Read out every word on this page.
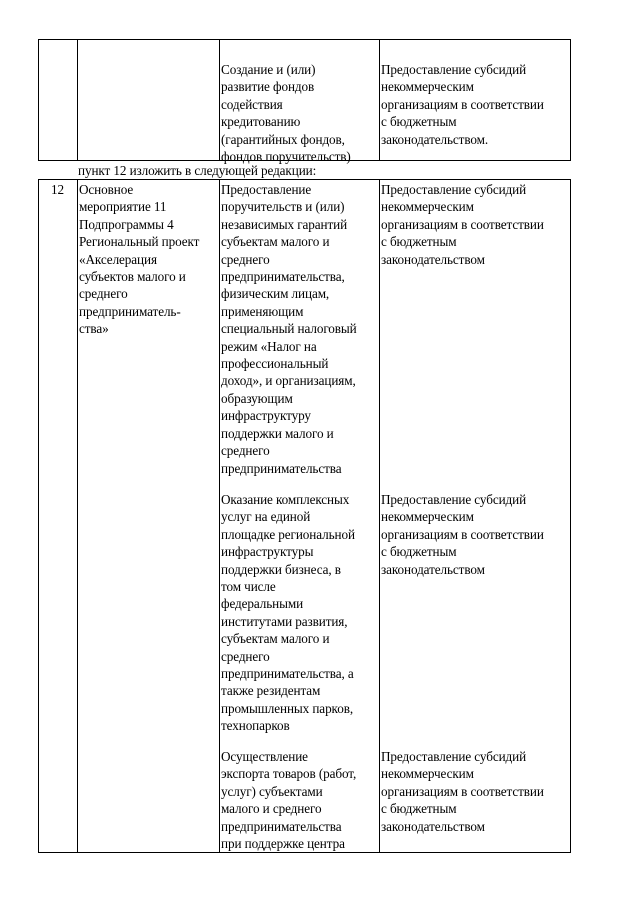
Создание и (или)
развитие фондов
содействия
кредитованию
(гарантийных фондов,
фондов поручительств)
Предоставление субсидий
некоммерческим
организациям в соответствии
с бюджетным
законодательством.
пункт 12 изложить в следующей редакции:
12 Основное
мероприятие 11
Подпрограммы 4
Региональный проект
«Акселерация
субъектов малого и
среднего
предприниматель-
ства»
Предоставление
поручительств и (или)
независимых гарантий
субъектам малого и
среднего
предпринимательства,
физическим лицам,
применяющим
специальный налоговый
режим «Налог на
профессиональный
доход», и организациям,
образующим
инфраструктуру
поддержки малого и
среднего
предпринимательства
Предоставление субсидий
некоммерческим
организациям в соответствии
с бюджетным
законодательством
Оказание комплексных
услуг на единой
площадке региональной
инфраструктуры
поддержки бизнеса, в
том числе
федеральными
институтами развития,
субъектам малого и
среднего
предпринимательства, а
также резидентам
промышленных парков,
технопарков
Предоставление субсидий
некоммерческим
организациям в соответствии
с бюджетным
законодательством
Осуществление
экспорта товаров (работ,
услуг) субъектами
малого и среднего
предпринимательства
при поддержке центра
Предоставление субсидий
некоммерческим
организациям в соответствии
с бюджетным
законодательством
